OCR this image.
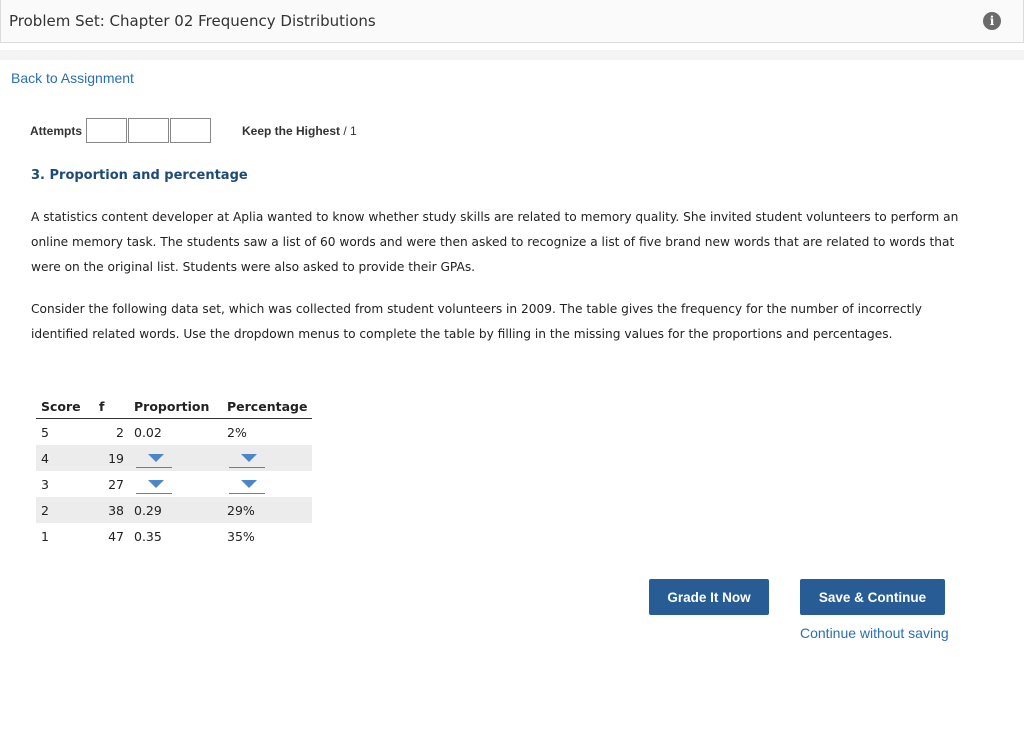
Problem Set: Chapter 02 Frequency Distributions	i
Back to Assignment
Attempts	Keep the Highest / 1
3. Proportion and percentage
A statistics content developer at Aplia wanted to know whether study skills are related to memory quality. She invited student volunteers to perform an online memory task. The students saw a list of 60 words and were then asked to recognize a list of five brand new words that are related to words that were on the original list. Students were also asked to provide their GPAs.
Consider the following data set, which was collected from student volunteers in 2009. The table gives the frequency for the number of incorrectly identified related words. Use the dropdown menus to complete the table by filling in the missing values for the proportions and percentages.
Score	f	Proportion	Percentage
5	2	0.02	2%
4	19	

3	27	

2	38	0.29	29%
1	47	0.35	35%
Grade It Now	Save & Continue
Continue without saving
